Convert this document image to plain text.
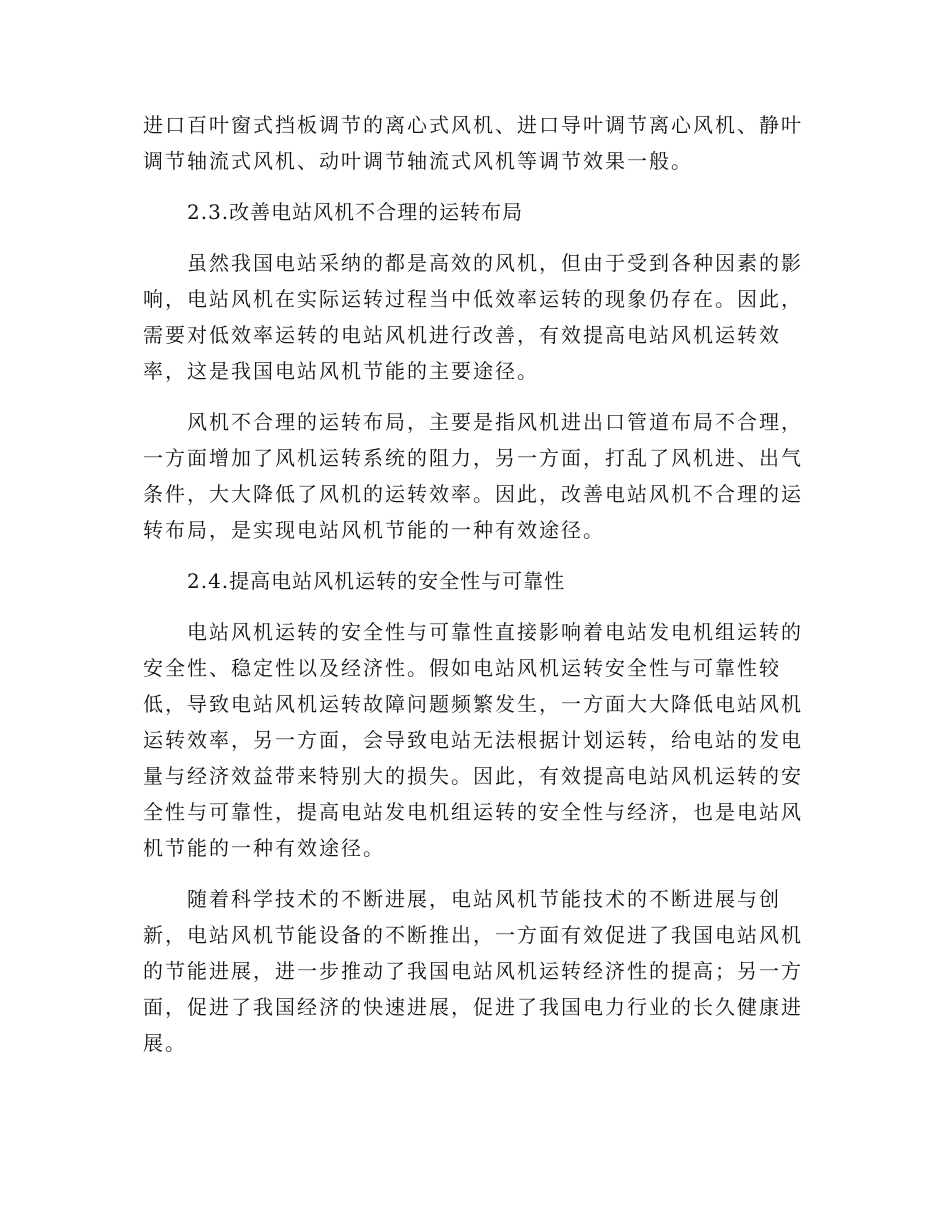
进口百叶窗式挡板调节的离心式风机、进口导叶调节离心风机、静叶
调节轴流式风机、动叶调节轴流式风机等调节效果一般。
2.3.改善电站风机不合理的运转布局
虽然我国电站采纳的都是高效的风机，但由于受到各种因素的影
响，电站风机在实际运转过程当中低效率运转的现象仍存在。因此，
需要对低效率运转的电站风机进行改善，有效提高电站风机运转效
率，这是我国电站风机节能的主要途径。
风机不合理的运转布局，主要是指风机进出口管道布局不合理，
一方面增加了风机运转系统的阻力，另一方面，打乱了风机进、出气
条件，大大降低了风机的运转效率。因此，改善电站风机不合理的运
转布局，是实现电站风机节能的一种有效途径。
2.4.提高电站风机运转的安全性与可靠性
电站风机运转的安全性与可靠性直接影响着电站发电机组运转的
安全性、稳定性以及经济性。假如电站风机运转安全性与可靠性较
低，导致电站风机运转故障问题频繁发生，一方面大大降低电站风机
运转效率，另一方面，会导致电站无法根据计划运转，给电站的发电
量与经济效益带来特别大的损失。因此，有效提高电站风机运转的安
全性与可靠性，提高电站发电机组运转的安全性与经济，也是电站风
机节能的一种有效途径。
随着科学技术的不断进展，电站风机节能技术的不断进展与创
新，电站风机节能设备的不断推出，一方面有效促进了我国电站风机
的节能进展，进一步推动了我国电站风机运转经济性的提高；另一方
面，促进了我国经济的快速进展，促进了我国电力行业的长久健康进
展。
